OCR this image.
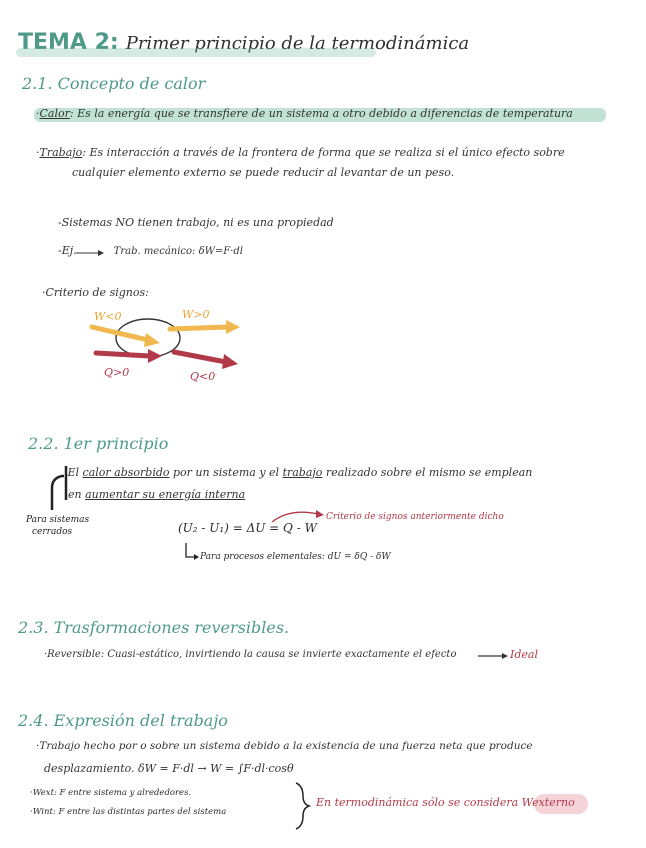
TEMA 2: Primer principio de la termodinámica
2.1. Concepto de calor
·Calor: Es la energía que se transfiere de un sistema a otro debido a diferencias de temperatura
·Trabajo: Es interacción a través de la frontera de forma que se realiza si el único efecto sobre
cualquier elemento externo se puede reducir al levantar de un peso.
-Sistemas NO tienen trabajo, ni es una propiedad
-Ej.	Trab. mecánico: δW=F·dl
·Criterio de signos:
W<0	W>0
Q>0	Q<0
2.2. 1er principio
·El calor absorbido por un sistema y el trabajo realizado sobre el mismo se emplean
en aumentar su energía interna
Para sistemas
cerrados	(U₂ - U₁) = ΔU = Q - W
Criterio de signos anteriormente dicho
Para procesos elementales: dU = δQ - δW
2.3. Trasformaciones reversibles.
·Reversible: Cuasi-estático, invirtiendo la causa se invierte exactamente el efecto	Ideal
2.4. Expresión del trabajo
·Trabajo hecho por o sobre un sistema debido a la existencia de una fuerza neta que produce
desplazamiento. δW = F·dl → W = ∫F·dl·cosθ
·Wext: F entre sistema y alrededores.
·Wint: F entre las distintas partes del sistema
En termodinámica sólo se considera Wexterno
